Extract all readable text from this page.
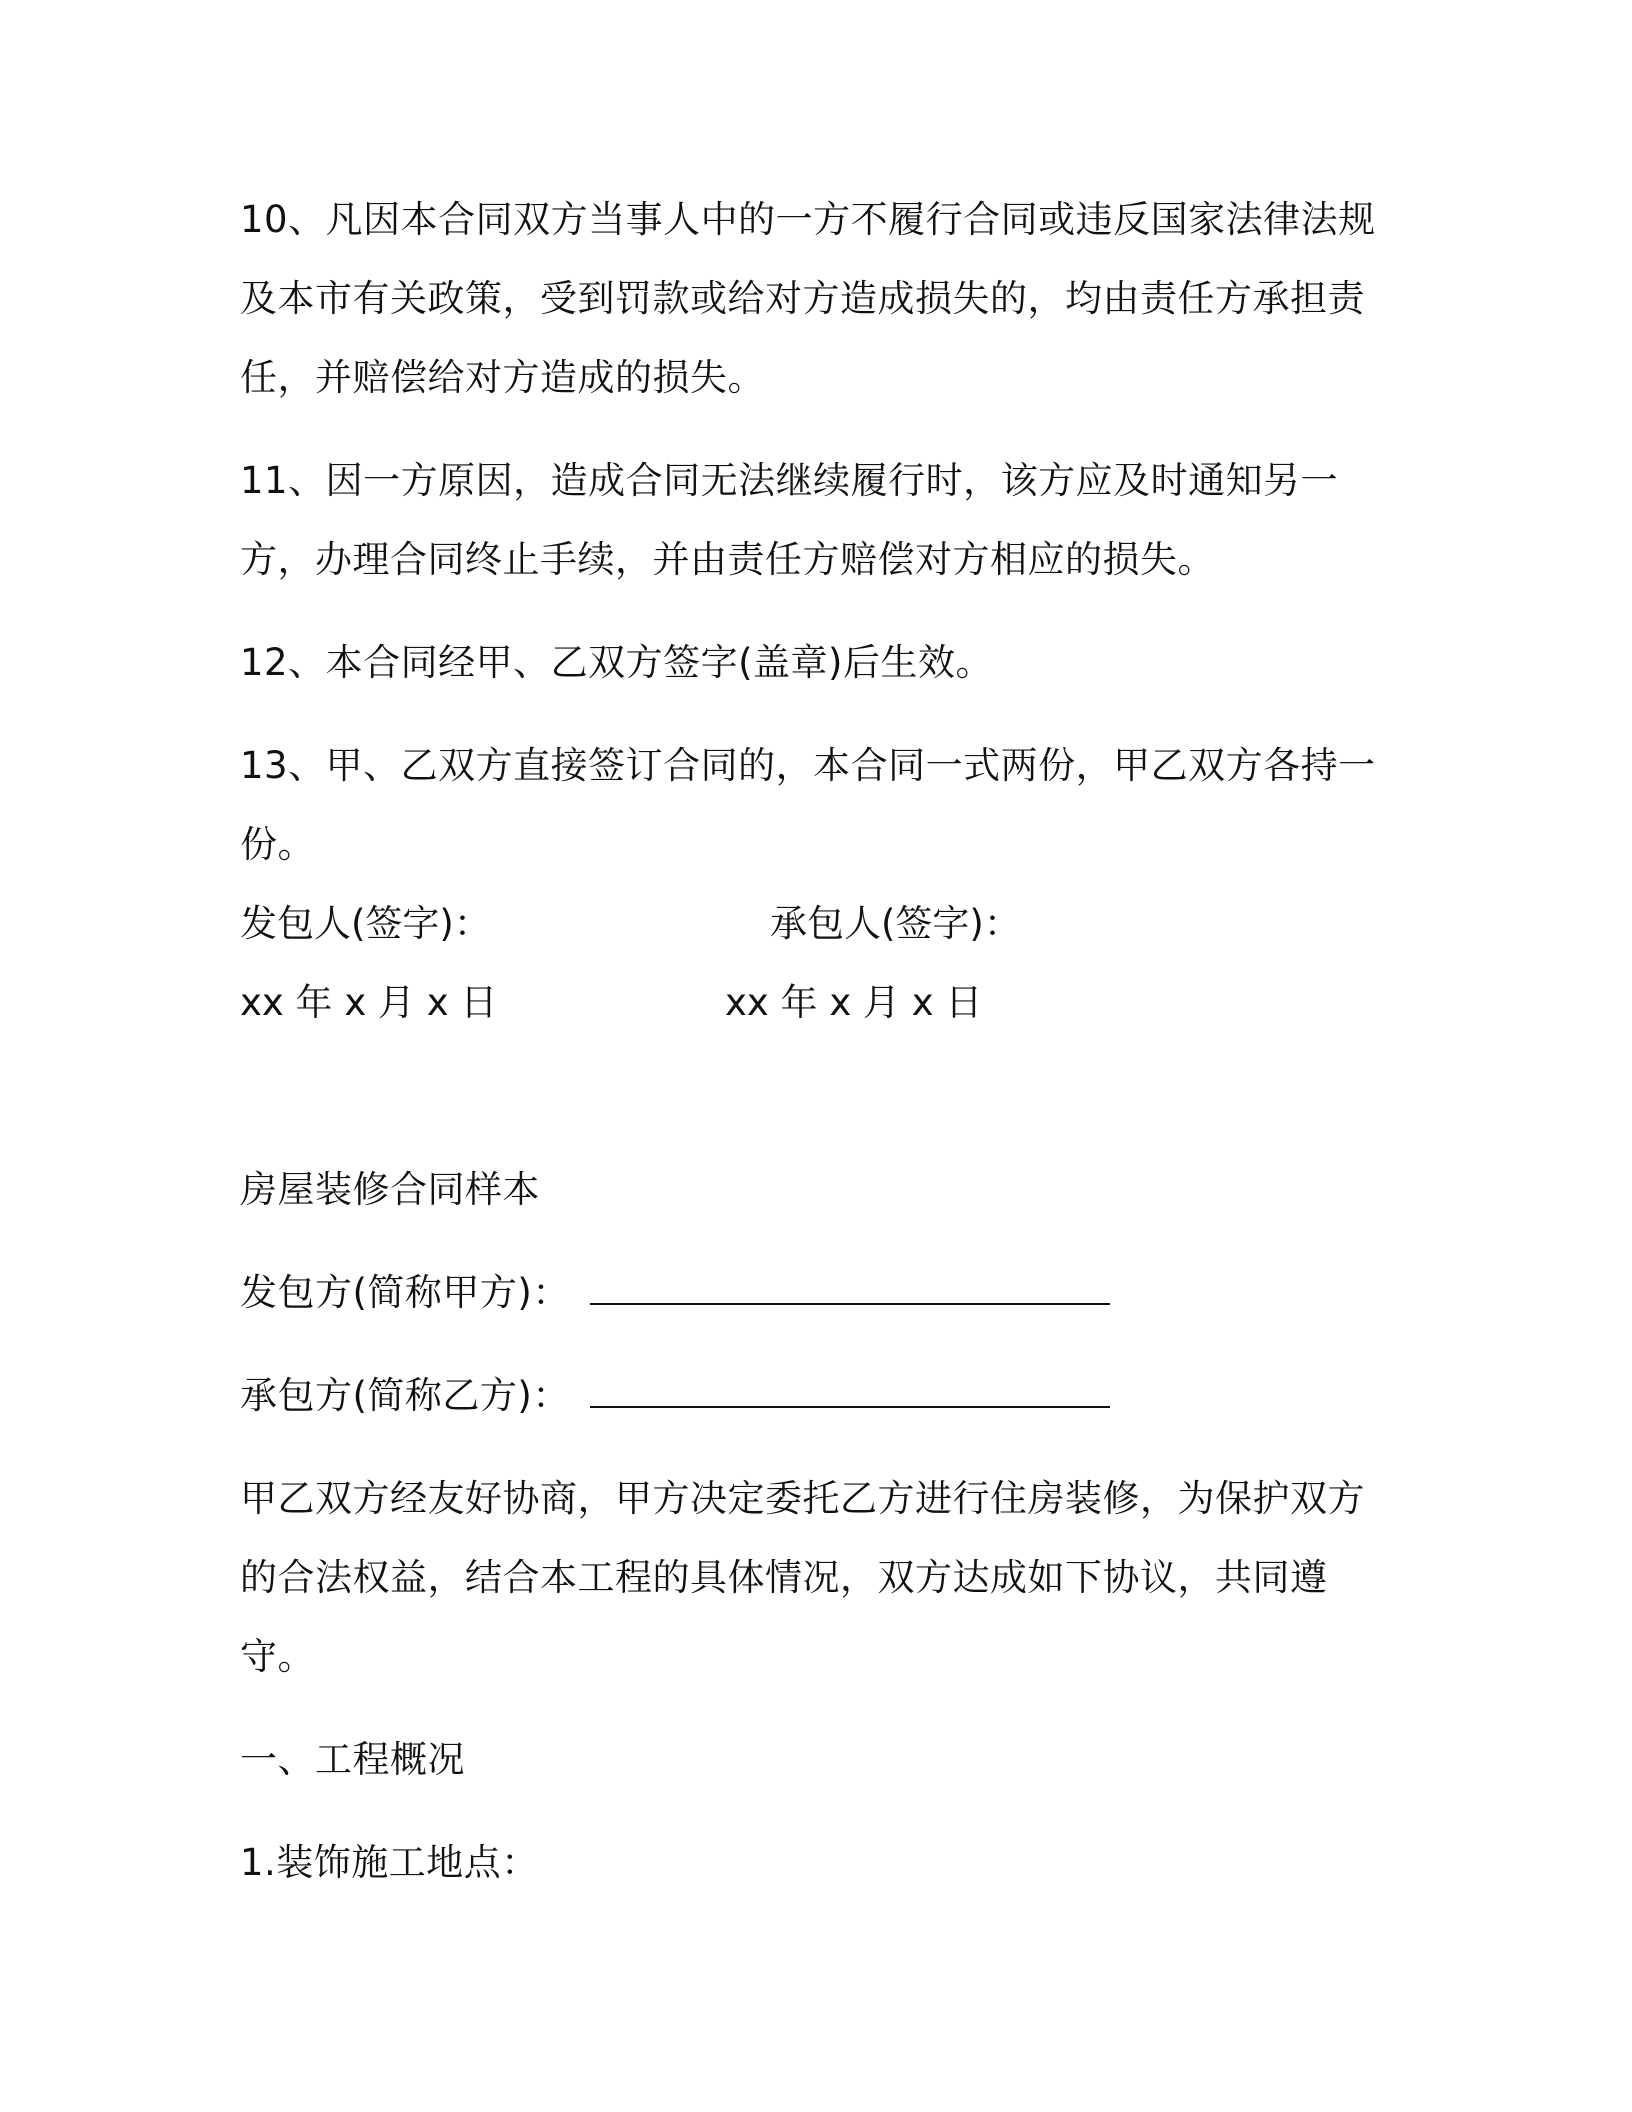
10、凡因本合同双方当事人中的一方不履行合同或违反国家法律法规及本市有关政策，受到罚款或给对方造成损失的，均由责任方承担责任，并赔偿给对方造成的损失。

11、因一方原因，造成合同无法继续履行时，该方应及时通知另一方，办理合同终止手续，并由责任方赔偿对方相应的损失。

12、本合同经甲、乙双方签字(盖章)后生效。

13、甲、乙双方直接签订合同的，本合同一式两份，甲乙双方各持一份。

发包人(签字)：	承包人(签字)：
xx 年 x 月 x 日	xx 年 x 月 x 日

房屋装修合同样本

发包方(简称甲方)：

承包方(简称乙方)：

甲乙双方经友好协商，甲方决定委托乙方进行住房装修，为保护双方的合法权益，结合本工程的具体情况，双方达成如下协议，共同遵守。

一、工程概况

1.装饰施工地点：
